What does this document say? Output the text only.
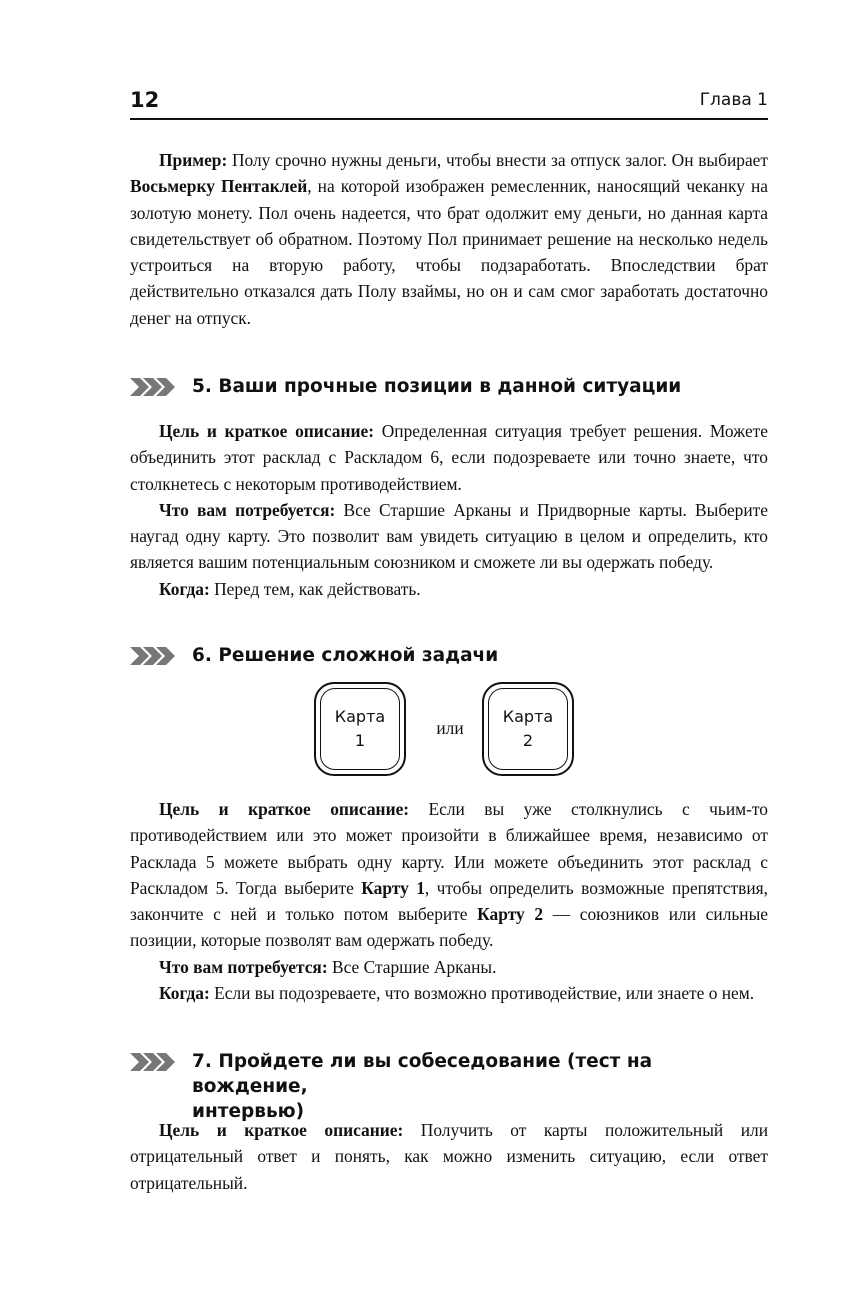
12	Глава 1

Пример: Полу срочно нужны деньги, чтобы внести за отпуск залог. Он выбирает Восьмерку Пентаклей, на которой изображен ремесленник, наносящий чеканку на золотую монету. Пол очень надеется, что брат одолжит ему деньги, но данная карта свидетельствует об обратном. Поэтому Пол принимает решение на несколько недель устроиться на вторую работу, чтобы подзаработать. Впоследствии брат действительно отказался дать Полу взаймы, но он и сам смог заработать достаточно денег на отпуск.

5. Ваши прочные позиции в данной ситуации

Цель и краткое описание: Определенная ситуация требует решения. Можете объединить этот расклад с Раскладом 6, если подозреваете или точно знаете, что столкнетесь с некоторым противодействием.

Что вам потребуется: Все Старшие Арканы и Придворные карты. Выберите наугад одну карту. Это позволит вам увидеть ситуацию в целом и определить, кто является вашим потенциальным союзником и сможете ли вы одержать победу.

Когда: Перед тем, как действовать.

6. Решение сложной задачи
Карта
1
или
Карта
2

Цель и краткое описание: Если вы уже столкнулись с чьим-то противодействием или это может произойти в ближайшее время, независимо от Расклада 5 можете выбрать одну карту. Или можете объединить этот расклад с Раскладом 5. Тогда выберите Карту 1, чтобы определить возможные препятствия, закончите с ней и только потом выберите Карту 2 — союзников или сильные позиции, которые позволят вам одержать победу.

Что вам потребуется: Все Старшие Арканы.

Когда: Если вы подозреваете, что возможно противодействие, или знаете о нем.

7. Пройдете ли вы собеседование (тест на вождение,
интервью)

Цель и краткое описание: Получить от карты положительный или отрицательный ответ и понять, как можно изменить ситуацию, если ответ отрицательный.
